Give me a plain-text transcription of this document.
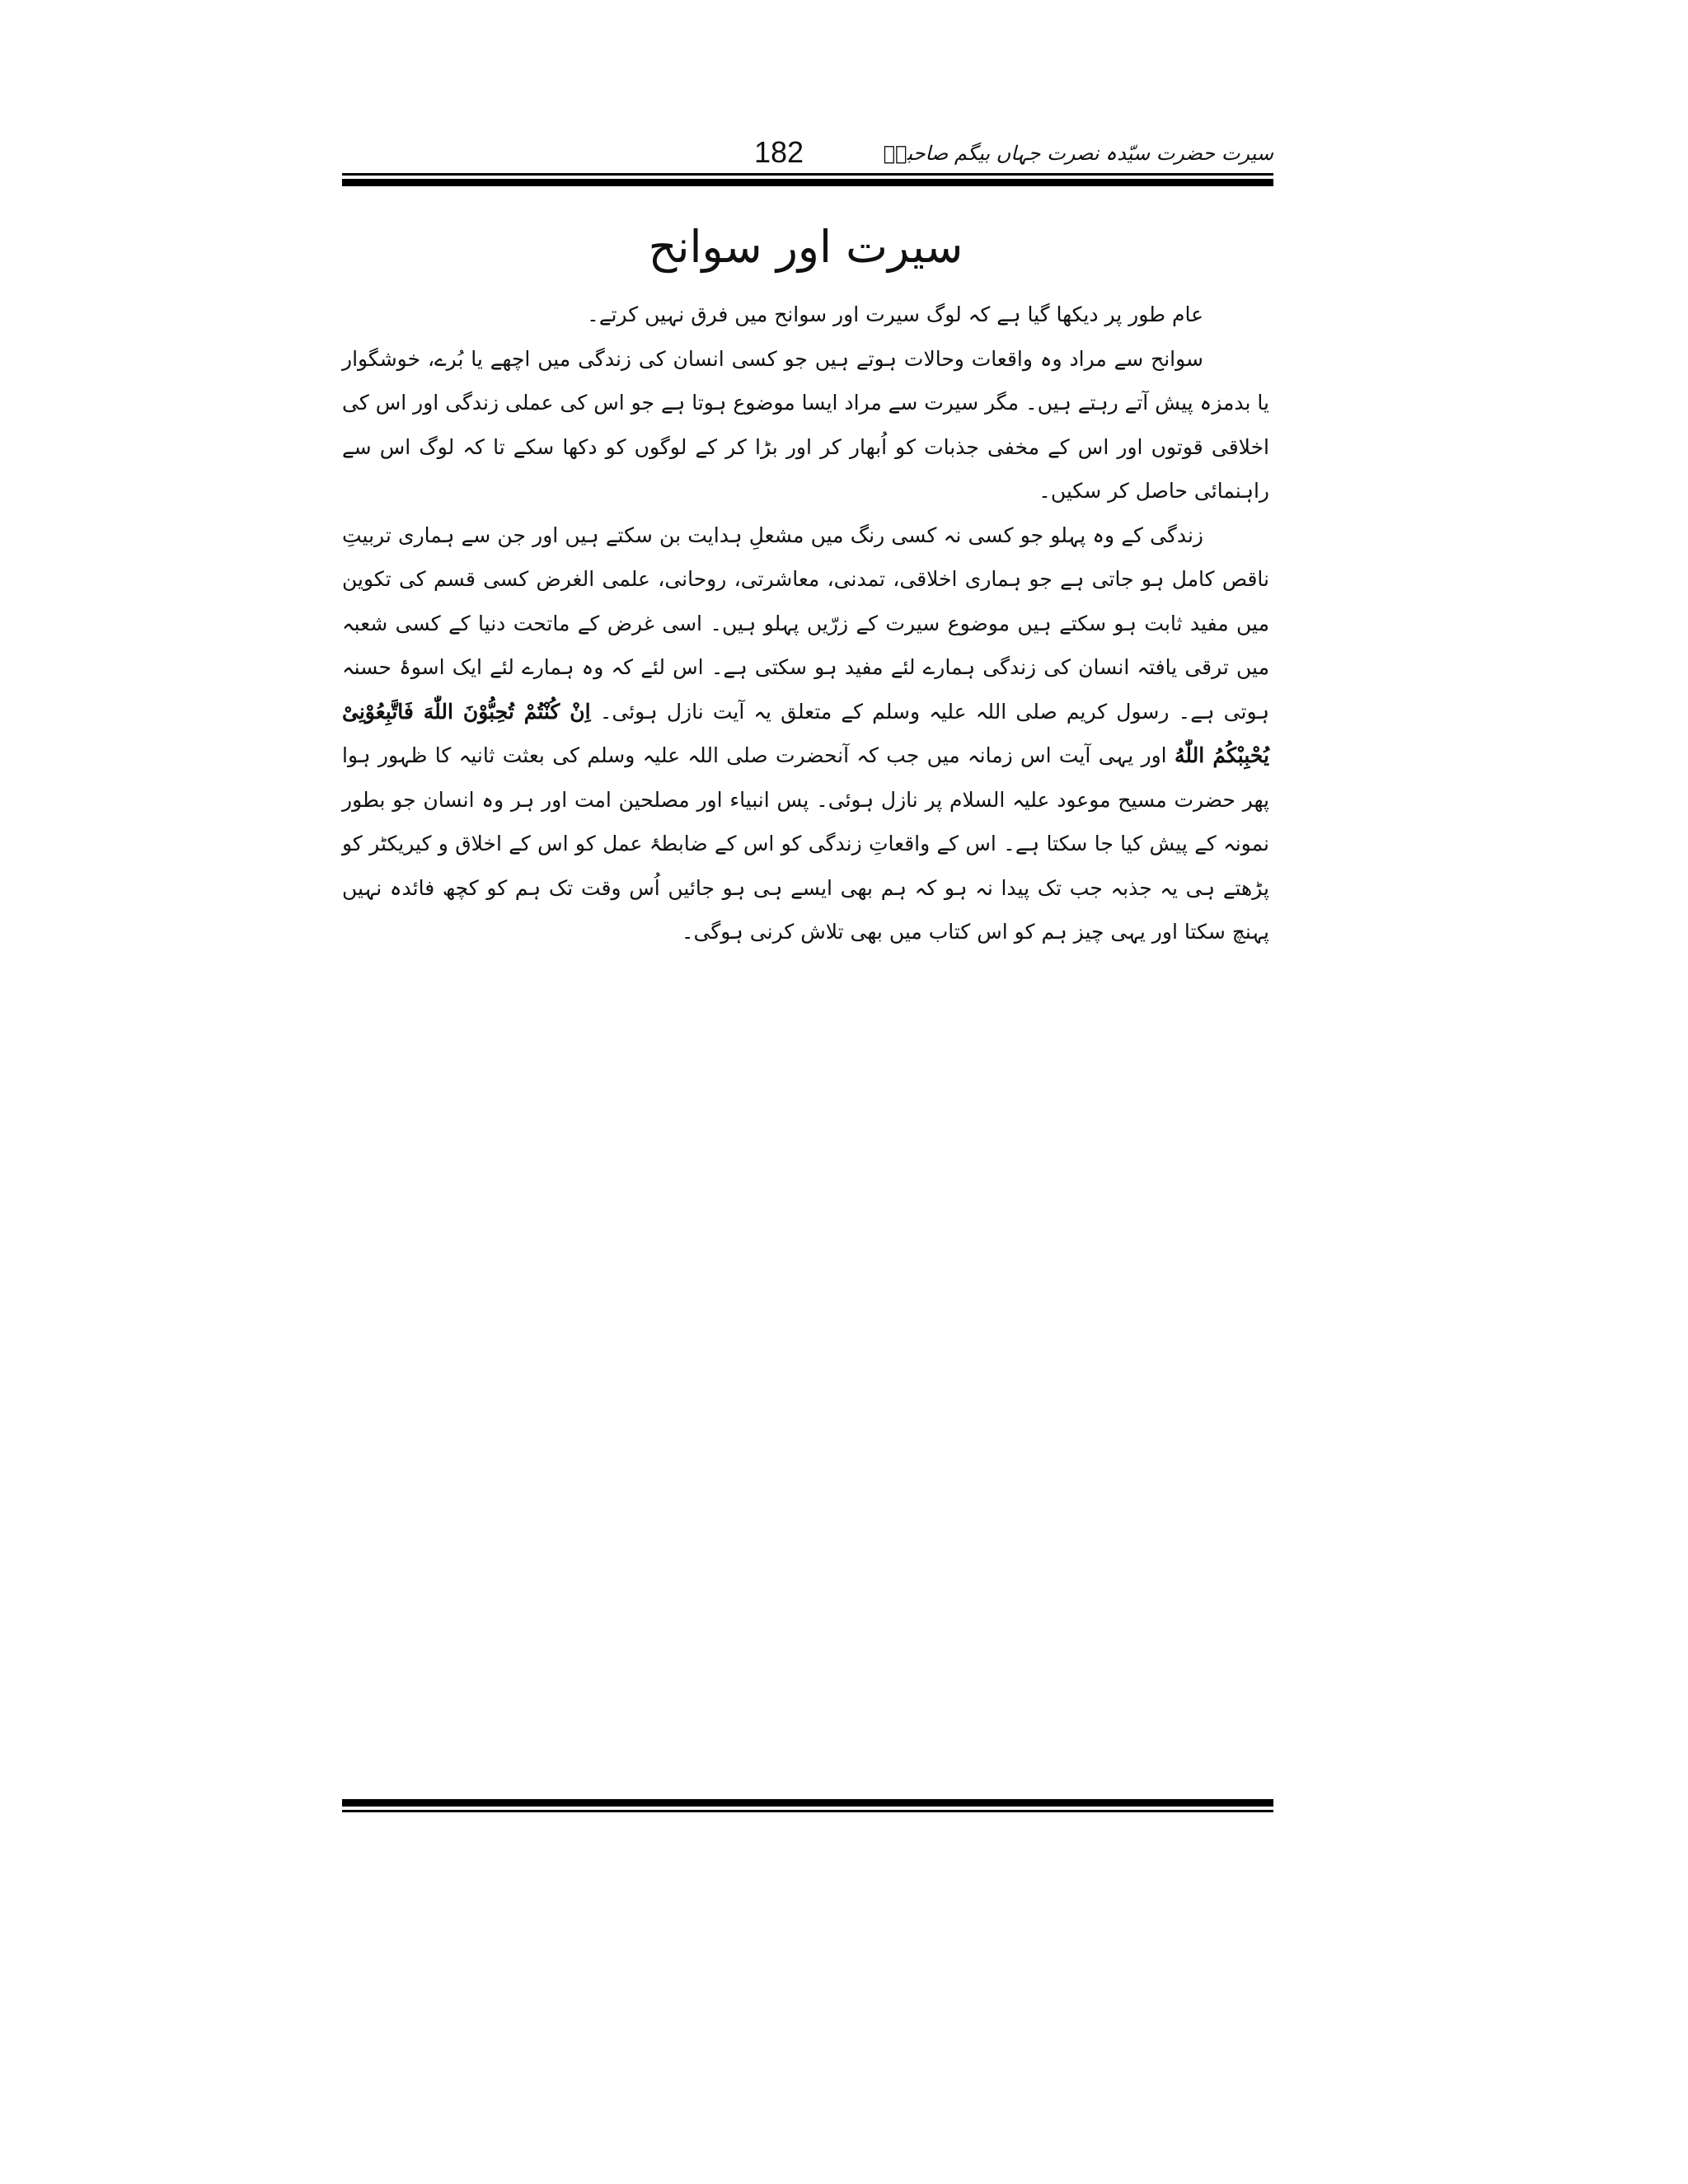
182	سیرت حضرت سیّدہ نصرت جہاں بیگم صاحبہؓ
سیرت اور سوانح

عام طور پر دیکھا گیا ہے کہ لوگ سیرت اور سوانح میں فرق نہیں کرتے۔

سوانح سے مراد وہ واقعات وحالات ہوتے ہیں جو کسی انسان کی زندگی میں اچھے یا بُرے، خوشگوار یا بدمزہ پیش آتے رہتے ہیں۔ مگر سیرت سے مراد ایسا موضوع ہوتا ہے جو اس کی عملی زندگی اور اس کی اخلاقی قوتوں اور اس کے مخفی جذبات کو اُبھار کر اور بڑا کر کے لوگوں کو دکھا سکے تا کہ لوگ اس سے راہنمائی حاصل کر سکیں۔

زندگی کے وہ پہلو جو کسی نہ کسی رنگ میں مشعلِ ہدایت بن سکتے ہیں اور جن سے ہماری تربیتِ ناقص کامل ہو جاتی ہے جو ہماری اخلاقی، تمدنی، معاشرتی، روحانی، علمی الغرض کسی قسم کی تکوین میں مفید ثابت ہو سکتے ہیں موضوع سیرت کے زرّیں پہلو ہیں۔ اسی غرض کے ماتحت دنیا کے کسی شعبہ میں ترقی یافتہ انسان کی زندگی ہمارے لئے مفید ہو سکتی ہے۔ اس لئے کہ وہ ہمارے لئے ایک اسوۂ حسنہ ہوتی ہے۔ رسول کریم صلی اللہ علیہ وسلم کے متعلق یہ آیت نازل ہوئی۔ اِنْ كُنْتُمْ تُحِبُّوْنَ اللّٰهَ فَاتَّبِعُوْنِىْ يُحْبِبْكُمُ اللّٰهُ اور یہی آیت اس زمانہ میں جب کہ آنحضرت صلی اللہ علیہ وسلم کی بعثت ثانیہ کا ظہور ہوا پھر حضرت مسیح موعود علیہ السلام پر نازل ہوئی۔ پس انبیاء اور مصلحین امت اور ہر وہ انسان جو بطور نمونہ کے پیش کیا جا سکتا ہے۔ اس کے واقعاتِ زندگی کو اس کے ضابطۂ عمل کو اس کے اخلاق و کیریکٹر کو پڑھتے ہی یہ جذبہ جب تک پیدا نہ ہو کہ ہم بھی ایسے ہی ہو جائیں اُس وقت تک ہم کو کچھ فائدہ نہیں پہنچ سکتا اور یہی چیز ہم کو اس کتاب میں بھی تلاش کرنی ہوگی۔
